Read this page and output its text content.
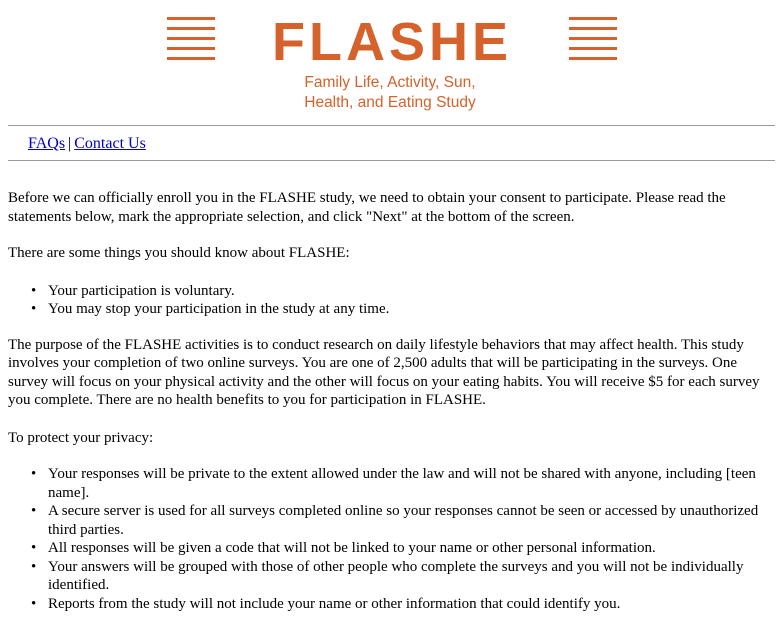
FLASHE
Family Life, Activity, Sun,
Health, and Eating Study
FAQs | Contact Us

Before we can officially enroll you in the FLASHE study, we need to obtain your consent to participate. Please read the statements below, mark the appropriate selection, and click "Next" at the bottom of the screen.

There are some things you should know about FLASHE:

• Your participation is voluntary.
• You may stop your participation in the study at any time.

The purpose of the FLASHE activities is to conduct research on daily lifestyle behaviors that may affect health. This study involves your completion of two online surveys. You are one of 2,500 adults that will be participating in the surveys. One survey will focus on your physical activity and the other will focus on your eating habits. You will receive $5 for each survey you complete. There are no health benefits to you for participation in FLASHE.

To protect your privacy:

• Your responses will be private to the extent allowed under the law and will not be shared with anyone, including [teen name].
• A secure server is used for all surveys completed online so your responses cannot be seen or accessed by unauthorized third parties.
• All responses will be given a code that will not be linked to your name or other personal information.
• Your answers will be grouped with those of other people who complete the surveys and you will not be individually identified.
• Reports from the study will not include your name or other information that could identify you.
